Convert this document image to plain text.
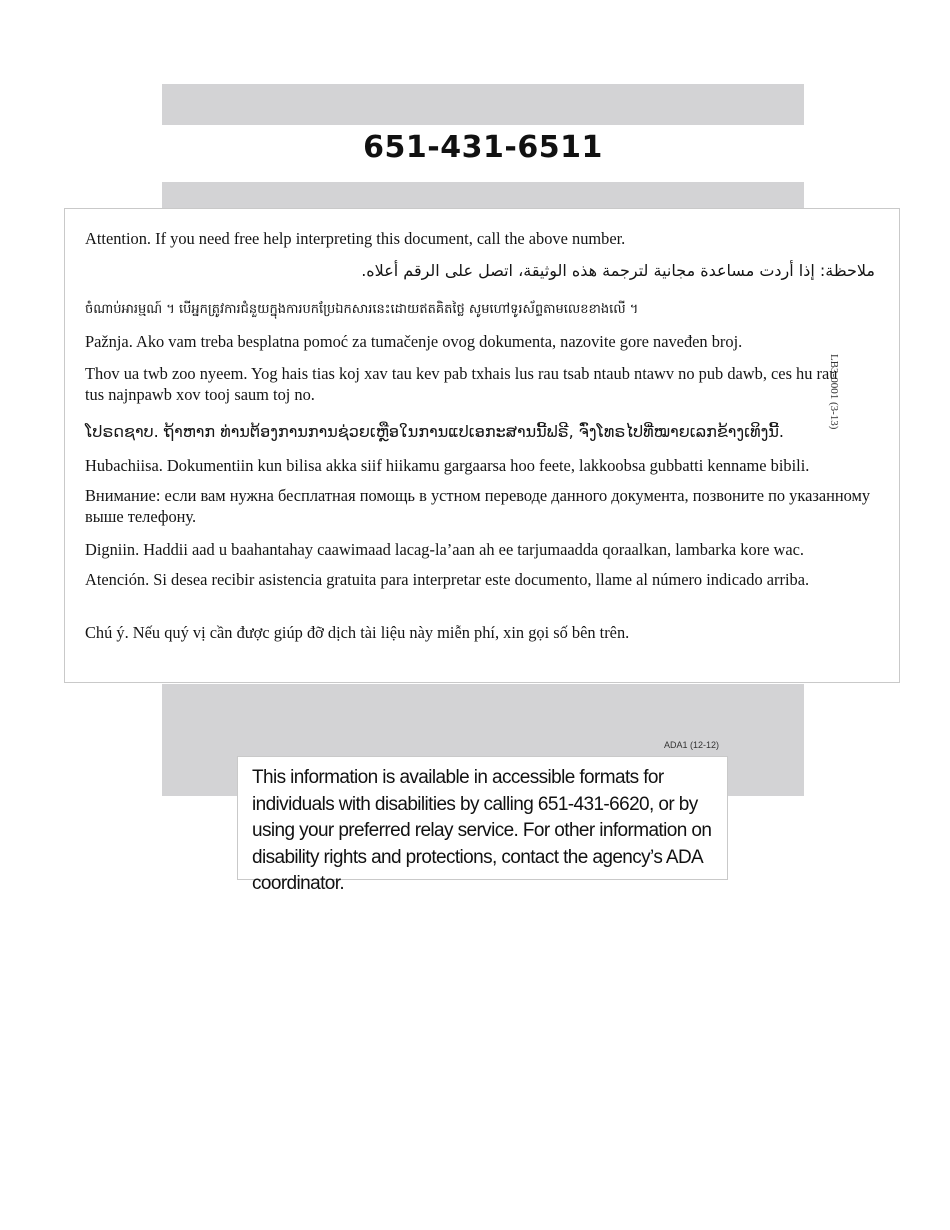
651-431-6511
Attention. If you need free help interpreting this document, call the above number.
ملاحظة: إذا أردت مساعدة مجانية لترجمة هذه الوثيقة، اتصل على الرقم أعلاه.
ចំណាប់អារម្មណ៍ ។ បើអ្នកត្រូវការជំនួយក្នុងការបកប្រែឯកសារនេះដោយឥតគិតថ្លៃ សូមហៅទូរស័ព្ទតាមលេខខាងលើ ។
Pažnja. Ako vam treba besplatna pomoć za tumačenje ovog dokumenta, nazovite gore naveđen broj.
Thov ua twb zoo nyeem. Yog hais tias koj xav tau kev pab txhais lus rau tsab ntaub ntawv no pub dawb, ces hu rau tus najnpawb xov tooj saum toj no.
ໂປຣດຊາບ. ຖ້າຫາກ ທ່ານຕ້ອງການການຊ່ວຍເຫຼືອໃນການແປເອກະສານນີ້ຟຣີ, ຈົ່ງໂທຣໄປທີ່ໝາຍເລກຂ້າງເທິງນີ້.
Hubachiisa. Dokumentiin kun bilisa akka siif hiikamu gargaarsa hoo feete, lakkoobsa gubbatti kenname bibili.
Внимание: если вам нужна бесплатная помощь в устном переводе данного документа, позвоните по указанному выше телефону.
Digniin. Haddii aad u baahantahay caawimaad lacag-la’aan ah ee tarjumaadda qoraalkan, lambarka kore wac.
Atención. Si desea recibir asistencia gratuita para interpretar este documento, llame al número indicado arriba.
Chú ý. Nếu quý vị cần được giúp đỡ dịch tài liệu này miễn phí, xin gọi số bên trên.
LB3-0001 (3-13)
ADA1 (12-12)
This information is available in accessible formats for individuals with disabilities by calling 651-431-6620, or by using your preferred relay service. For other information on disability rights and protections, contact the agency’s ADA coordinator.
